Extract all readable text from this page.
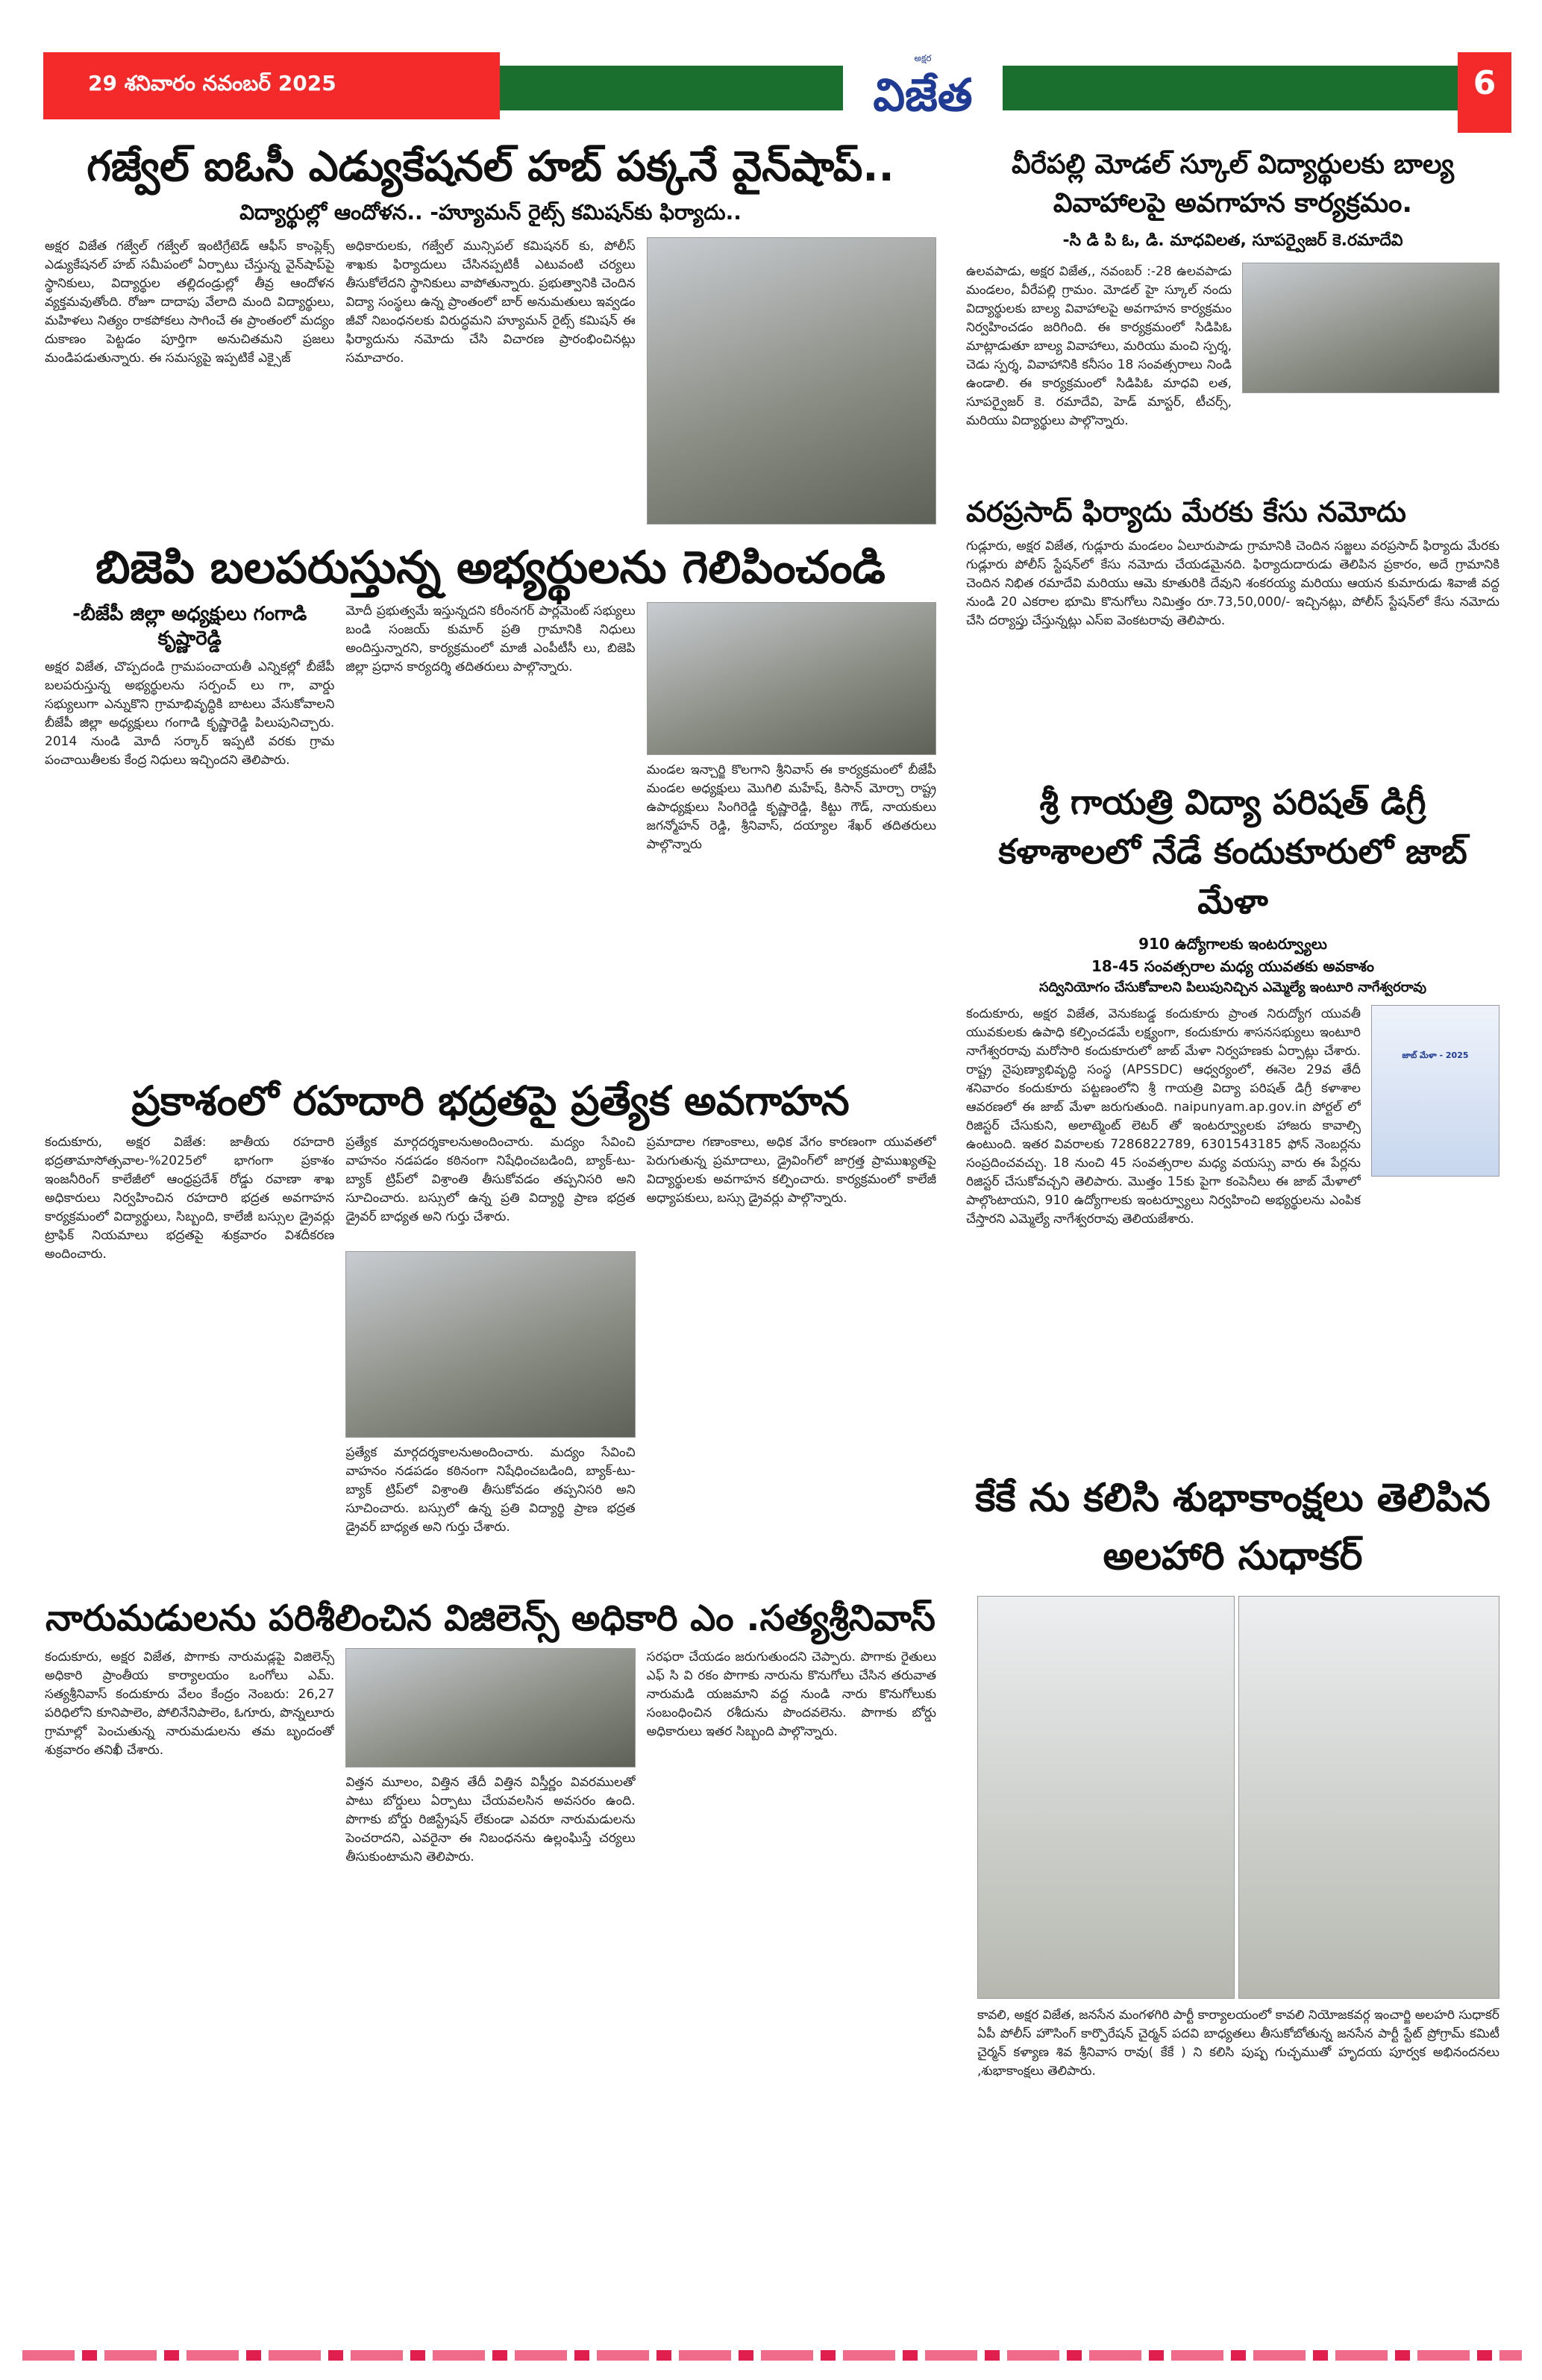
29 శనివారం నవంబర్ 2025
అక్షర
విజేత	6
గజ్వేల్ ఐఓసీ ఎడ్యుకేషనల్ హబ్ పక్కనే వైన్‌షాప్..
విద్యార్థుల్లో ఆందోళన.. -హ్యూమన్ రైట్స్ కమిషన్‌కు ఫిర్యాదు..
అక్షర విజేత గజ్వేల్ గజ్వేల్ ఇంటిగ్రేటెడ్ ఆఫీస్ కాంప్లెక్స్ ఎడ్యుకేషనల్ హబ్ సమీపంలో ఏర్పాటు చేస్తున్న వైన్‌షాప్‌పై స్థానికులు, విద్యార్థుల తల్లిదండ్రుల్లో తీవ్ర ఆందోళన వ్యక్తమవుతోంది. రోజూ దాదాపు వేలాది మంది విద్యార్థులు, మహిళలు నిత్యం రాకపోకలు సాగించే ఈ ప్రాంతంలో మద్యం దుకాణం పెట్టడం పూర్తిగా అనుచితమని ప్రజలు మండిపడుతున్నారు. ఈ సమస్యపై ఇప్పటికే ఎక్సైజ్
అధికారులకు, గజ్వేల్ మున్సిపల్ కమిషనర్ కు, పోలీస్ శాఖకు ఫిర్యాదులు చేసినప్పటికీ ఎటువంటి చర్యలు తీసుకోలేదని స్థానికులు వాపోతున్నారు. ప్రభుత్వానికి చెందిన విద్యా సంస్థలు ఉన్న ప్రాంతంలో బార్ అనుమతులు ఇవ్వడం జీవో నిబంధనలకు విరుద్ధమని హ్యూమన్ రైట్స్ కమిషన్ ఈ ఫిర్యాదును నమోదు చేసి విచారణ ప్రారంభించినట్లు సమాచారం.
బిజెపి బలపరుస్తున్న అభ్యర్థులను గెలిపించండి
-బీజేపీ జిల్లా అధ్యక్షులు గంగాడి కృష్ణారెడ్డి
అక్షర విజేత, చొప్పదండి గ్రామపంచాయతీ ఎన్నికల్లో బీజేపీ బలపరుస్తున్న అభ్యర్థులను సర్పంచ్ లు గా, వార్డు సభ్యులుగా ఎన్నుకొని గ్రామాభివృద్ధికి బాటలు వేసుకోవాలని బీజేపీ జిల్లా అధ్యక్షులు గంగాడి కృష్ణారెడ్డి పిలుపునిచ్చారు. 2014 నుండి మోదీ సర్కార్ ఇప్పటి వరకు గ్రామ పంచాయితీలకు కేంద్ర నిధులు ఇచ్చిందని తెలిపారు.
మోదీ ప్రభుత్వమే ఇస్తున్నదని కరీంనగర్ పార్లమెంట్ సభ్యులు బండి సంజయ్ కుమార్ ప్రతి గ్రామానికి నిధులు అందిస్తున్నారని, కార్యక్రమంలో మాజీ ఎంపీటీసీ లు, బిజెపి జిల్లా ప్రధాన కార్యదర్శి తదితరులు పాల్గొన్నారు.
మండల ఇన్చార్జి కొలగాని శ్రీనివాస్ ఈ కార్యక్రమంలో బీజేపీ మండల అధ్యక్షులు మొగిలి మహేష్, కిసాన్ మోర్చా రాష్ట్ర ఉపాధ్యక్షులు సింగిరెడ్డి కృష్ణారెడ్డి, కిట్టు గౌడ్, నాయకులు జగన్మోహన్ రెడ్డి, శ్రీనివాస్, దయ్యాల శేఖర్ తదితరులు పాల్గొన్నారు
ప్రకాశంలో రహదారి భద్రతపై ప్రత్యేక అవగాహన
కందుకూరు, అక్షర విజేత: జాతీయ రహదారి భద్రతామాసోత్సవాల-%2025లో భాగంగా ప్రకాశం ఇంజనీరింగ్ కాలేజీలో ఆంధ్రప్రదేశ్ రోడ్డు రవాణా శాఖ అధికారులు నిర్వహించిన రహదారి భద్రత అవగాహన కార్యక్రమంలో విద్యార్థులు, సిబ్బంది, కాలేజీ బస్సుల డ్రైవర్లు ట్రాఫిక్ నియమాలు భద్రతపై శుక్రవారం విశదీకరణ అందించారు.
ప్రత్యేక మార్గదర్శకాలనుఅందించారు. మద్యం సేవించి వాహనం నడపడం కఠినంగా నిషేధించబడింది, బ్యాక్-టు-బ్యాక్ ట్రిప్‌లో విశ్రాంతి తీసుకోవడం తప్పనిసరి అని సూచించారు. బస్సులో ఉన్న ప్రతి విద్యార్థి ప్రాణ భద్రత డ్రైవర్ బాధ్యత అని గుర్తు చేశారు.
ప్రత్యేక మార్గదర్శకాలనుఅందించారు. మద్యం సేవించి వాహనం నడపడం కఠినంగా నిషేధించబడింది, బ్యాక్-టు-బ్యాక్ ట్రిప్‌లో విశ్రాంతి తీసుకోవడం తప్పనిసరి అని సూచించారు. బస్సులో ఉన్న ప్రతి విద్యార్థి ప్రాణ భద్రత డ్రైవర్ బాధ్యత అని గుర్తు చేశారు.
ప్రమాదాల గణాంకాలు, అధిక వేగం కారణంగా యువతలో పెరుగుతున్న ప్రమాదాలు, డ్రైవింగ్‌లో జాగ్రత్త ప్రాముఖ్యతపై విద్యార్థులకు అవగాహన కల్పించారు. కార్యక్రమంలో కాలేజీ అధ్యాపకులు, బస్సు డ్రైవర్లు పాల్గొన్నారు.
నారుమడులను పరిశీలించిన విజిలెన్స్ అధికారి ఎం .సత్యశ్రీనివాస్
కందుకూరు, అక్షర విజేత, పొగాకు నారుమడ్లపై విజిలెన్స్ అధికారి ప్రాంతీయ కార్యాలయం ఒంగోలు ఎమ్. సత్యశ్రీనివాస్ కందుకూరు వేలం కేంద్రం నెంబరు: 26,27 పరిధిలోని కూనిపాలెం, పోలినేనిపాలెం, ఓగూరు, పొన్నలూరు గ్రామాల్లో పెంచుతున్న నారుమడులను తమ బృందంతో శుక్రవారం తనిఖీ చేశారు.
విత్తన మూలం, విత్తిన తేదీ విత్తిన విస్తీర్ణం వివరములతో పాటు బోర్డులు ఏర్పాటు చేయవలసిన అవసరం ఉంది. పొగాకు బోర్డు రిజిస్ట్రేషన్ లేకుండా ఎవరూ నారుమడులను పెంచరాదని, ఎవరైనా ఈ నిబంధనను ఉల్లంఘిస్తే చర్యలు తీసుకుంటామని తెలిపారు.
సరఫరా చేయడం జరుగుతుందని చెప్పారు. పొగాకు రైతులు ఎఫ్ సి వి రకం పొగాకు నారును కొనుగోలు చేసిన తరువాత నారుమడి యజమాని వద్ద నుండి నారు కొనుగోలుకు సంబంధించిన రశీదును పొందవలెను. పొగాకు బోర్డు అధికారులు ఇతర సిబ్బంది పాల్గొన్నారు.
వీరేపల్లి మోడల్ స్కూల్ విద్యార్థులకు బాల్య వివాహాలపై అవగాహన కార్యక్రమం.
-సి డి పి ఓ, డి. మాధవిలత, సూపర్వైజర్ కె.రమాదేవి
ఉలవపాడు, అక్షర విజేత,, నవంబర్ :-28 ఉలవపాడు మండలం, వీరేపల్లి గ్రామం. మోడల్ హై స్కూల్ నందు విద్యార్థులకు బాల్య వివాహాలపై అవగాహన కార్యక్రమం నిర్వహించడం జరిగింది. ఈ కార్యక్రమంలో సిడిపిఓ మాట్లాడుతూ బాల్య వివాహాలు, మరియు మంచి స్పర్శ, చెడు స్పర్శ, వివాహానికి కనీసం 18 సంవత్సరాలు నిండి ఉండాలి. ఈ కార్యక్రమంలో సిడిపిఓ మాధవి లత, సూపర్వైజర్ కె. రమాదేవి, హెడ్ మాస్టర్, టీచర్స్, మరియు విద్యార్థులు పాల్గొన్నారు.
వరప్రసాద్ ఫిర్యాదు మేరకు కేసు నమోదు
గుడ్లూరు, అక్షర విజేత, గుడ్లూరు మండలం ఏలూరుపాడు గ్రామానికి చెందిన సజ్జలు వరప్రసాద్ ఫిర్యాదు మేరకు గుడ్లూరు పోలీస్ స్టేషన్‌లో కేసు నమోదు చేయడమైనది. ఫిర్యాదుదారుడు తెలిపిన ప్రకారం, అదే గ్రామానికి చెందిన నిభిత రమాదేవి మరియు ఆమె కూతురికి దేవుని శంకరయ్య మరియు ఆయన కుమారుడు శివాజీ వద్ద నుండి 20 ఎకరాల భూమి కొనుగోలు నిమిత్తం రూ.73,50,000/- ఇచ్చినట్లు, పోలీస్ స్టేషన్‌లో కేసు నమోదు చేసి దర్యాప్తు చేస్తున్నట్లు ఎస్ఐ వెంకటరావు తెలిపారు.
శ్రీ గాయత్రి విద్యా పరిషత్ డిగ్రీ కళాశాలలో నేడే కందుకూరులో జాబ్ మేళా
910 ఉద్యోగాలకు ఇంటర్వ్యూలు
18-45 సంవత్సరాల మధ్య యువతకు అవకాశం
సద్వినియోగం చేసుకోవాలని పిలుపునిచ్చిన ఎమ్మెల్యే ఇంటూరి నాగేశ్వరరావు
కందుకూరు, అక్షర విజేత, వెనుకబడ్డ కందుకూరు ప్రాంత నిరుద్యోగ యువతీ యువకులకు ఉపాధి కల్పించడమే లక్ష్యంగా, కందుకూరు శాసనసభ్యులు ఇంటూరి నాగేశ్వరరావు మరోసారి కందుకూరులో జాబ్ మేళా నిర్వహణకు ఏర్పాట్లు చేశారు. రాష్ట్ర నైపుణ్యాభివృద్ధి సంస్థ (APSSDC) ఆధ్వర్యంలో, ఈనెల 29వ తేదీ శనివారం కందుకూరు పట్టణంలోని శ్రీ గాయత్రి విద్యా పరిషత్ డిగ్రీ కళాశాల ఆవరణలో ఈ జాబ్ మేళా జరుగుతుంది. naipunyam.ap.gov.in పోర్టల్ లో రిజిస్టర్ చేసుకుని, అలాట్మెంట్ లెటర్ తో ఇంటర్వ్యూలకు హాజరు కావాల్సి ఉంటుంది. ఇతర వివరాలకు 7286822789, 6301543185 ఫోన్ నెంబర్లను సంప్రదించవచ్చు. 18 నుంచి 45 సంవత్సరాల మధ్య వయస్సు వారు ఈ పేర్లను రిజిస్టర్ చేసుకోవచ్చని తెలిపారు. మొత్తం 15కు పైగా కంపెనీలు ఈ జాబ్ మేళాలో పాల్గొంటాయని, 910 ఉద్యోగాలకు ఇంటర్వ్యూలు నిర్వహించి అభ్యర్థులను ఎంపిక చేస్తారని ఎమ్మెల్యే నాగేశ్వరరావు తెలియజేశారు.
జాబ్ మేళా - 2025
కేకే ను కలిసి శుభాకాంక్షలు తెలిపిన అలహారి సుధాకర్
కావలి, అక్షర విజేత, జనసేన మంగళగిరి పార్టీ కార్యాలయంలో కావలి నియోజకవర్గ ఇంచార్జి అలహరి సుధాకర్ ఏపీ పోలీస్ హౌసింగ్ కార్పొరేషన్ చైర్మన్ పదవి బాధ్యతలు తీసుకోబోతున్న జనసేన పార్టీ స్టేట్ ప్రోగ్రామ్ కమిటీ చైర్మన్ కళ్యాణ శివ శ్రీనివాస రావు( కేకే ) ని కలిసి పుష్ప గుచ్ఛముతో హృదయ పూర్వక అభినందనలు ,శుభాకాంక్షలు తెలిపారు.
